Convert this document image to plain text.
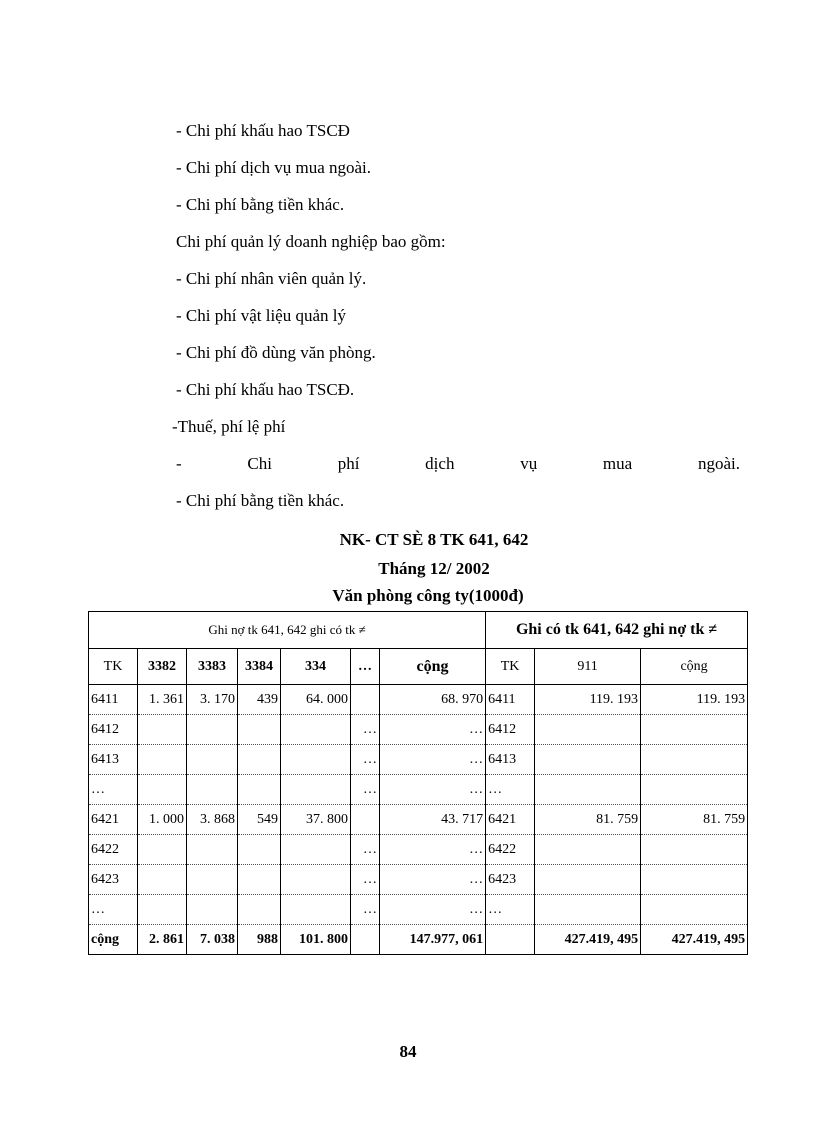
- Chi phí khấu hao TSCĐ
- Chi phí dịch vụ mua ngoài.
- Chi phí bằng tiền khác.
Chi phí quản lý doanh nghiệp bao gồm:
- Chi phí nhân viên quản lý.
- Chi phí vật liệu quản lý
- Chi phí đồ dùng văn phòng.
- Chi phí khấu hao TSCĐ.
-Thuế, phí lệ phí
-	Chi	phí	dịch	vụ	mua	ngoài.
- Chi phí bằng tiền khác.
NK- CT SÈ 8 TK 641, 642
Tháng 12/ 2002
Văn phòng công ty(1000đ)
Ghi nợ tk 641, 642 ghi có tk ≠							Ghi có tk 641, 642 ghi nợ tk ≠		
TK	3382	3383	3384	334	…	cộng	TK	911	cộng
6411	1. 361	3. 170	439	64. 000		68. 970	6411	119. 193	119. 193
6412					…	…	6412		
6413					…	…	6413		
…					…	…	…		
6421	1. 000	3. 868	549	37. 800		43. 717	6421	81. 759	81. 759
6422					…	…	6422		
6423					…	…	6423		
…					…	…	…		
cộng	2. 861	7. 038	988	101. 800		147.977, 061		427.419, 495	427.419, 495
84
